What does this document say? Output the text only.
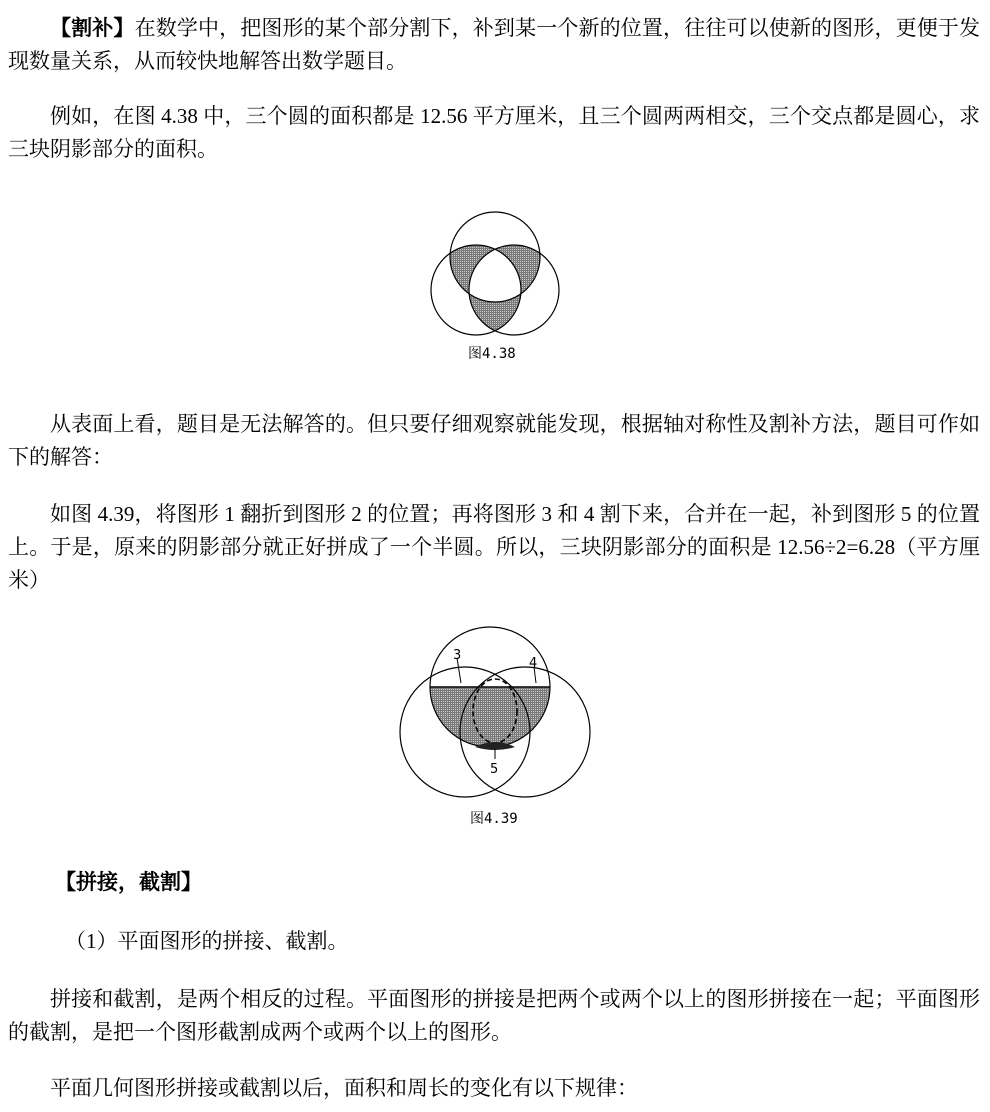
【割补】在数学中，把图形的某个部分割下，补到某一个新的位置，往往可以使新的图形，更便于发现数量关系，从而较快地解答出数学题目。

例如，在图 4.38 中，三个圆的面积都是 12.56 平方厘米，且三个圆两两相交，三个交点都是圆心，求三块阴影部分的面积。

图4.38

从表面上看，题目是无法解答的。但只要仔细观察就能发现，根据轴对称性及割补方法，题目可作如下的解答：

如图 4.39，将图形 1 翻折到图形 2 的位置；再将图形 3 和 4 割下来，合并在一起，补到图形 5 的位置上。于是，原来的阴影部分就正好拼成了一个半圆。所以，三块阴影部分的面积是 12.56÷2=6.28（平方厘米）

3
4
5
图4.39

【拼接，截割】

（1）平面图形的拼接、截割。

拼接和截割，是两个相反的过程。平面图形的拼接是把两个或两个以上的图形拼接在一起；平面图形的截割，是把一个图形截割成两个或两个以上的图形。

平面几何图形拼接或截割以后，面积和周长的变化有以下规律：
